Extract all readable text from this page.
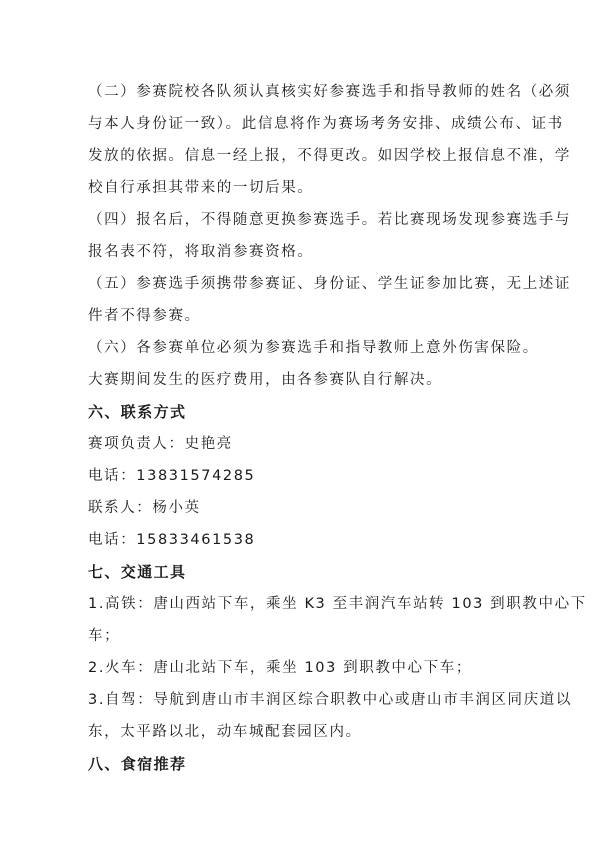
（二）参赛院校各队须认真核实好参赛选手和指导教师的姓名（必须
与本人身份证一致）。此信息将作为赛场考务安排、成绩公布、证书
发放的依据。信息一经上报，不得更改。如因学校上报信息不准，学
校自行承担其带来的一切后果。
（四）报名后，不得随意更换参赛选手。若比赛现场发现参赛选手与
报名表不符，将取消参赛资格。
（五）参赛选手须携带参赛证、身份证、学生证参加比赛，无上述证
件者不得参赛。
（六）各参赛单位必须为参赛选手和指导教师上意外伤害保险。
大赛期间发生的医疗费用，由各参赛队自行解决。
六、联系方式
赛项负责人：史艳亮
电话：13831574285
联系人：杨小英
电话：15833461538
七、交通工具
1.高铁：唐山西站下车，乘坐 K3 至丰润汽车站转 103 到职教中心下
车；
2.火车：唐山北站下车，乘坐 103 到职教中心下车；
3.自驾：导航到唐山市丰润区综合职教中心或唐山市丰润区同庆道以
东，太平路以北，动车城配套园区内。
八、食宿推荐
